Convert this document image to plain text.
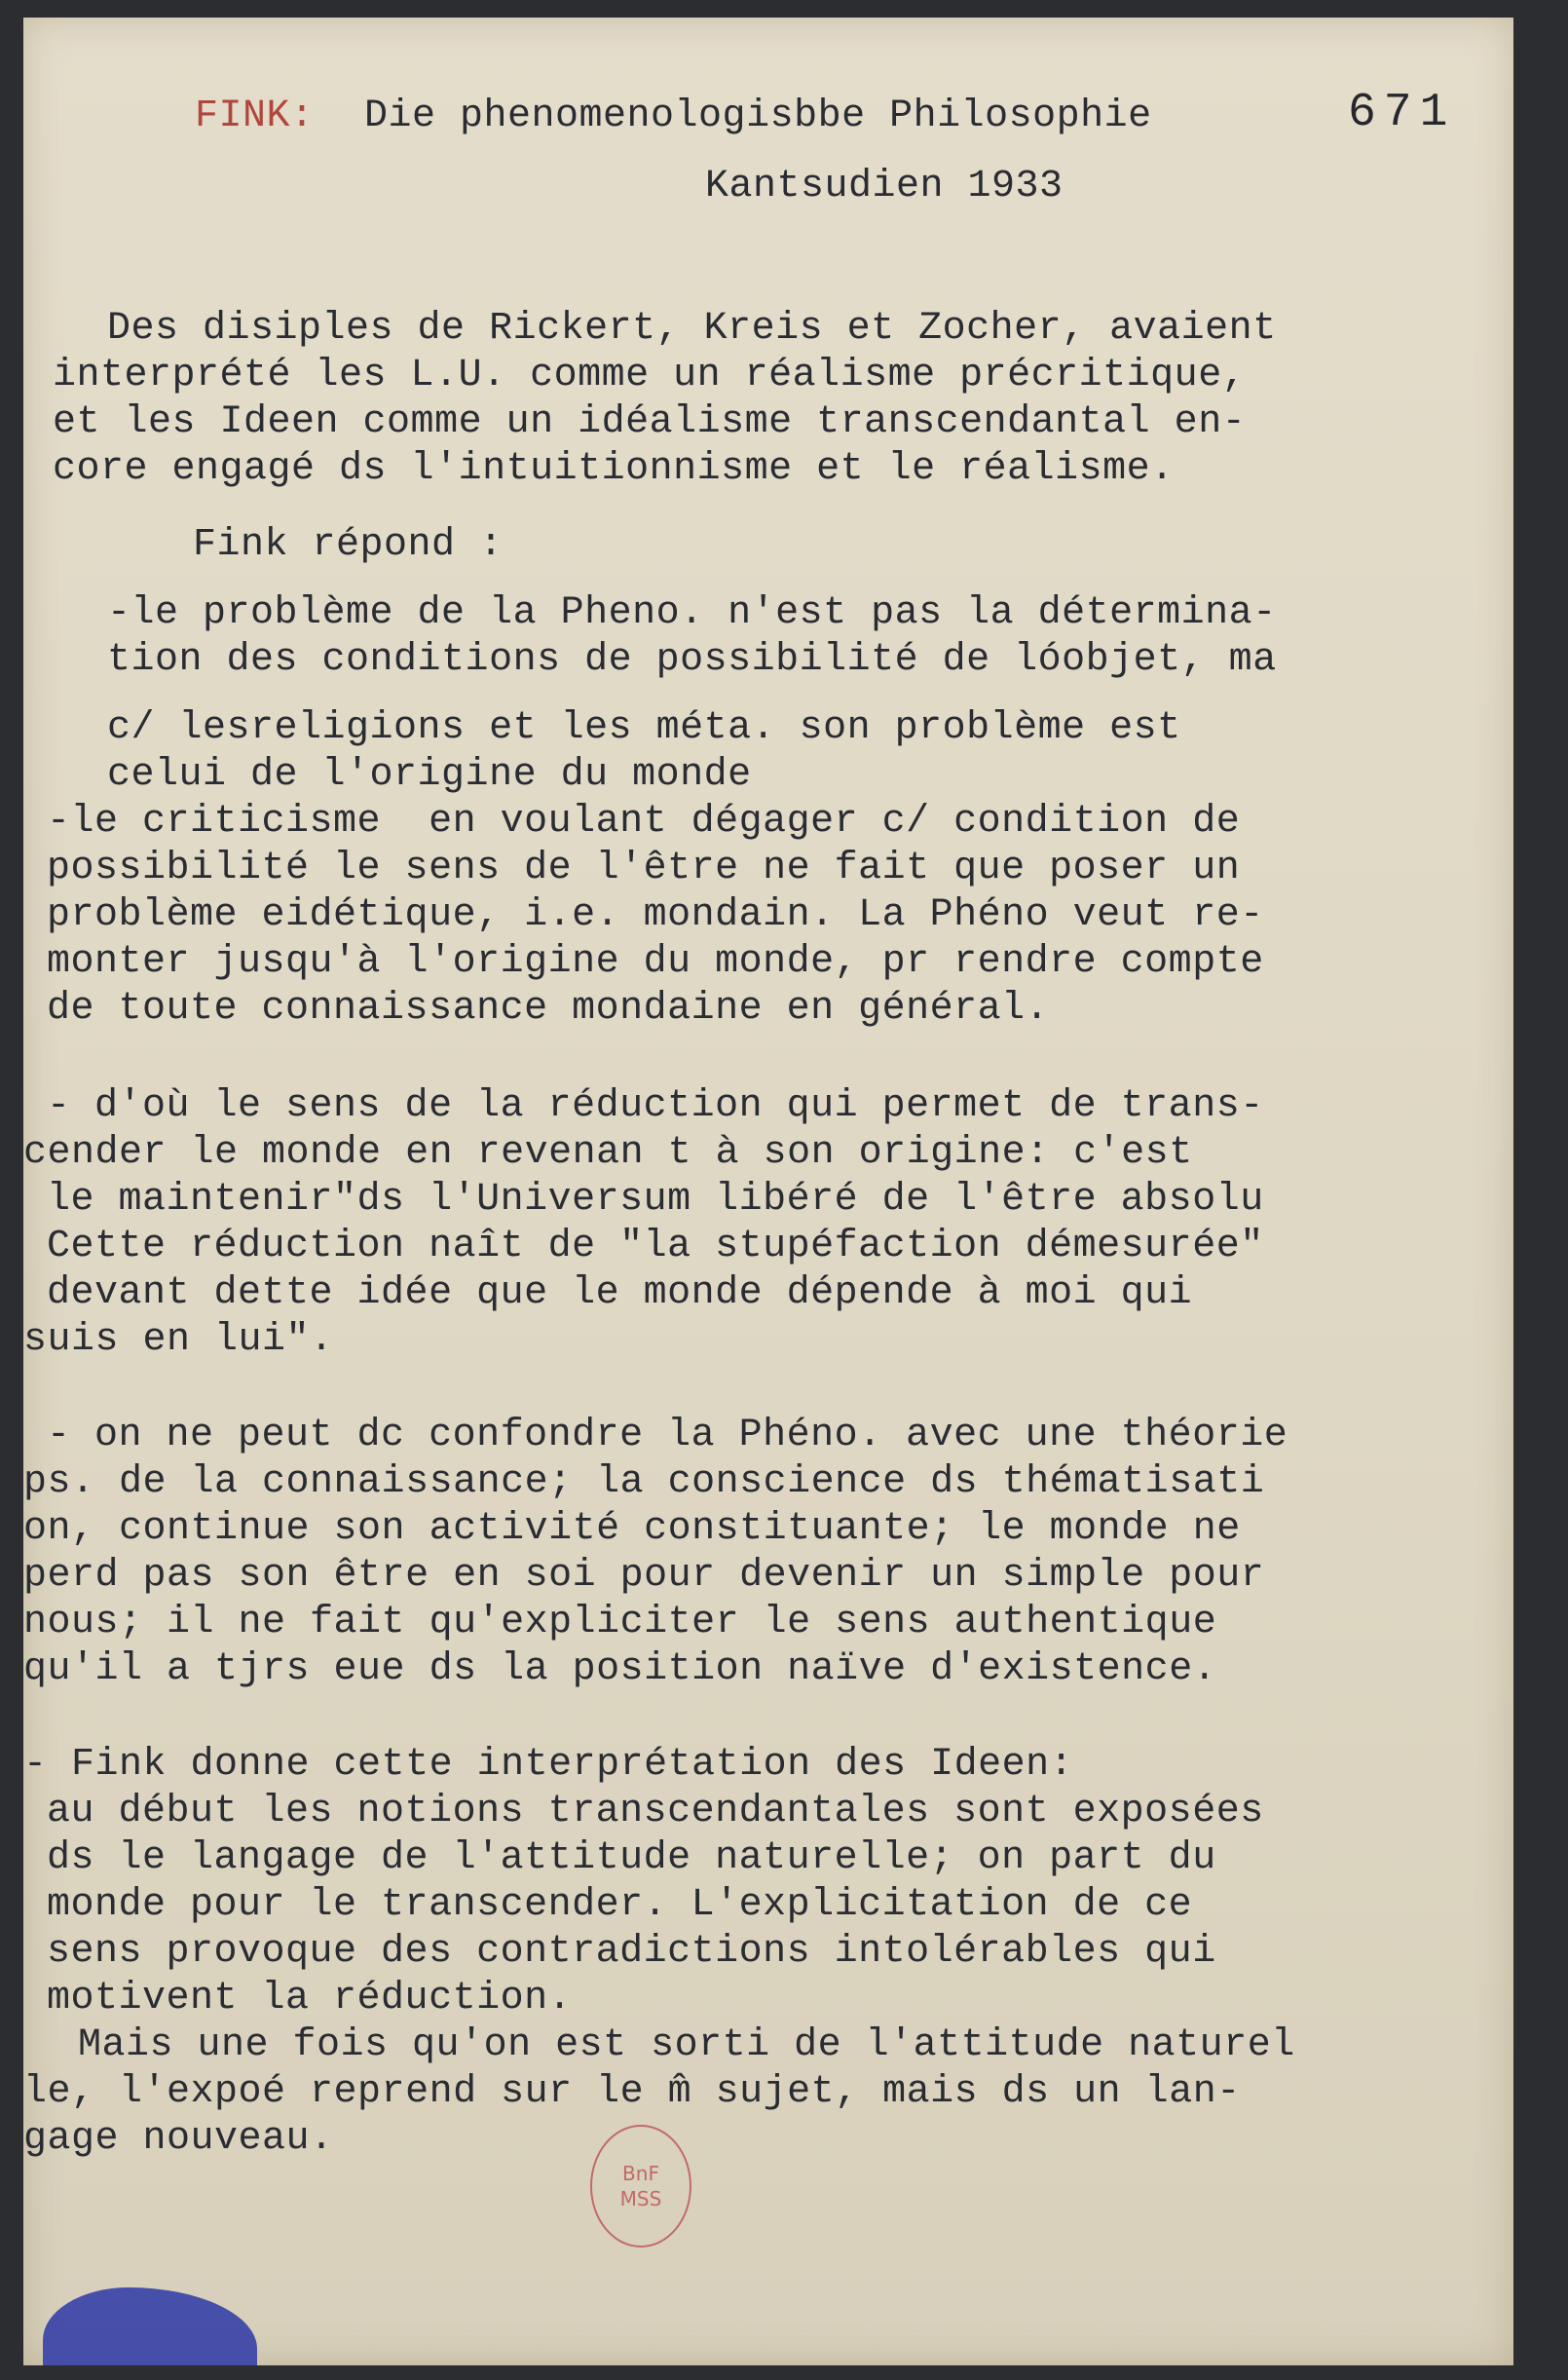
FINK: Die phenomenologisbbe Philosophie	671
Kantsudien 1933
Des disiples de Rickert, Kreis et Zocher, avaient
interprété les L.U. comme un réalisme précritique,
et les Ideen comme un idéalisme transcendantal en-
core engagé ds l'intuitionnisme et le réalisme.
Fink répond :
-le problème de la Pheno. n'est pas la détermina-
tion des conditions de possibilité de lóobjet, ma
c/ lesreligions et les méta. son problème est
celui de l'origine du monde
-le criticisme  en voulant dégager c/ condition de
possibilité le sens de l'être ne fait que poser un
problème eidétique, i.e. mondain. La Phéno veut re-
monter jusqu'à l'origine du monde, pr rendre compte
de toute connaissance mondaine en général.
- d'où le sens de la réduction qui permet de trans-
cender le monde en revenan t à son origine: c'est
le maintenir"ds l'Universum libéré de l'être absolu
Cette réduction naît de "la stupéfaction démesurée"
devant dette idée que le monde dépende à moi qui
suis en lui".
- on ne peut dc confondre la Phéno. avec une théorie
ps. de la connaissance; la conscience ds thématisati
on, continue son activité constituante; le monde ne
perd pas son être en soi pour devenir un simple pour
nous; il ne fait qu'expliciter le sens authentique
qu'il a tjrs eue ds la position naïve d'existence.
- Fink donne cette interprétation des Ideen:
au début les notions transcendantales sont exposées
ds le langage de l'attitude naturelle; on part du
monde pour le transcender. L'explicitation de ce
sens provoque des contradictions intolérables qui
motivent la réduction.
Mais une fois qu'on est sorti de l'attitude naturel
le, l'expoé reprend sur le m̂ sujet, mais ds un lan-
gage nouveau.
BnF
MSS
